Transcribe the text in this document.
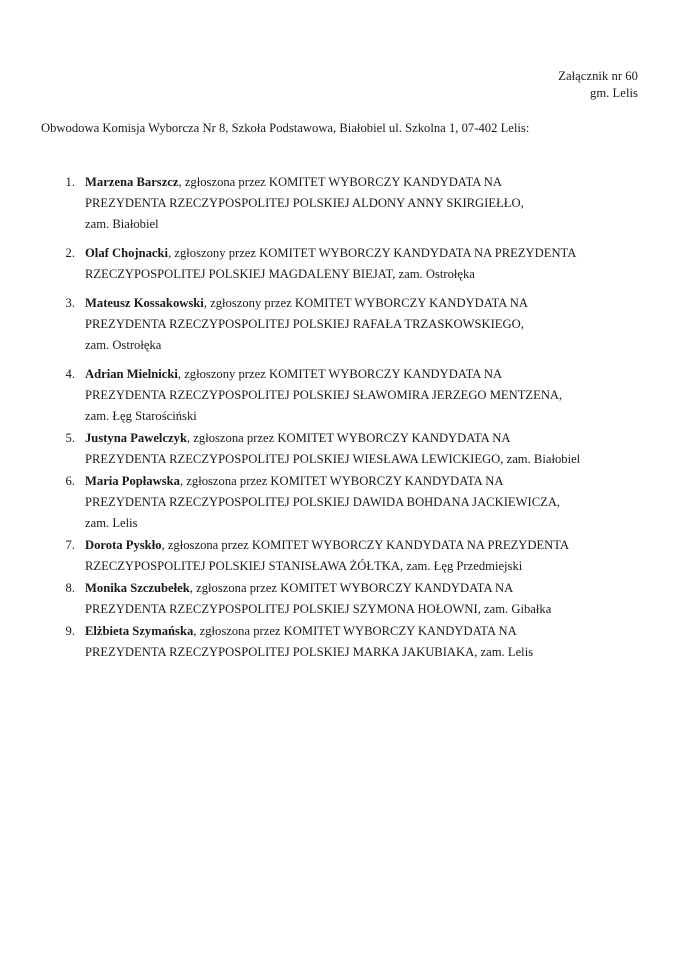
Załącznik nr 60
gm. Lelis
Obwodowa Komisja Wyborcza Nr 8, Szkoła Podstawowa, Białobiel ul. Szkolna 1, 07-402 Lelis:
1. Marzena Barszcz, zgłoszona przez KOMITET WYBORCZY KANDYDATA NA
PREZYDENTA RZECZYPOSPOLITEJ POLSKIEJ ALDONY ANNY SKIRGIEŁŁO,
zam. Białobiel
2. Olaf Chojnacki, zgłoszony przez KOMITET WYBORCZY KANDYDATA NA PREZYDENTA
RZECZYPOSPOLITEJ POLSKIEJ MAGDALENY BIEJAT, zam. Ostrołęka
3. Mateusz Kossakowski, zgłoszony przez KOMITET WYBORCZY KANDYDATA NA
PREZYDENTA RZECZYPOSPOLITEJ POLSKIEJ RAFAŁA TRZASKOWSKIEGO,
zam. Ostrołęka
4. Adrian Mielnicki, zgłoszony przez KOMITET WYBORCZY KANDYDATA NA
PREZYDENTA RZECZYPOSPOLITEJ POLSKIEJ SŁAWOMIRA JERZEGO MENTZENA,
zam. Łęg Starościński
5. Justyna Pawelczyk, zgłoszona przez KOMITET WYBORCZY KANDYDATA NA
PREZYDENTA RZECZYPOSPOLITEJ POLSKIEJ WIESŁAWA LEWICKIEGO, zam. Białobiel
6. Maria Popławska, zgłoszona przez KOMITET WYBORCZY KANDYDATA NA
PREZYDENTA RZECZYPOSPOLITEJ POLSKIEJ DAWIDA BOHDANA JACKIEWICZA,
zam. Lelis
7. Dorota Pyskło, zgłoszona przez KOMITET WYBORCZY KANDYDATA NA PREZYDENTA
RZECZYPOSPOLITEJ POLSKIEJ STANISŁAWA ŻÓŁTKA, zam. Łęg Przedmiejski
8. Monika Szczubełek, zgłoszona przez KOMITET WYBORCZY KANDYDATA NA
PREZYDENTA RZECZYPOSPOLITEJ POLSKIEJ SZYMONA HOŁOWNI, zam. Gibałka
9. Elżbieta Szymańska, zgłoszona przez KOMITET WYBORCZY KANDYDATA NA
PREZYDENTA RZECZYPOSPOLITEJ POLSKIEJ MARKA JAKUBIAKA, zam. Lelis
